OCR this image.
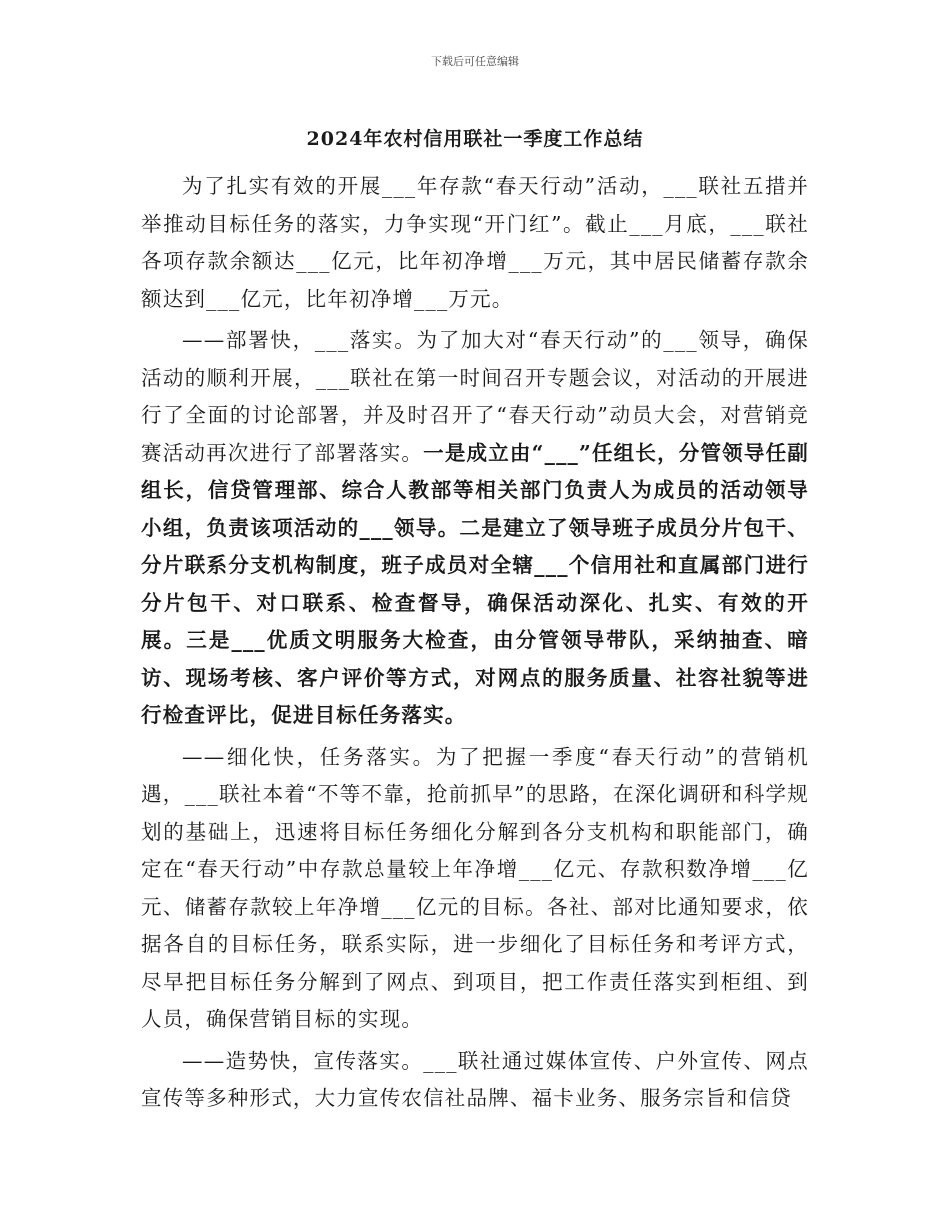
下载后可任意编辑
2024年农村信用联社一季度工作总结

为了扎实有效的开展___年存款“春天行动”活动，___联社五措并举推动目标任务的落实，力争实现“开门红”。截止___月底，___联社各项存款余额达___亿元，比年初净增___万元，其中居民储蓄存款余额达到___亿元，比年初净增___万元。

——部署快，___落实。为了加大对“春天行动”的___领导，确保活动的顺利开展，___联社在第一时间召开专题会议，对活动的开展进行了全面的讨论部署，并及时召开了“春天行动”动员大会，对营销竞赛活动再次进行了部署落实。一是成立由“___”任组长，分管领导任副组长，信贷管理部、综合人教部等相关部门负责人为成员的活动领导小组，负责该项活动的___领导。二是建立了领导班子成员分片包干、分片联系分支机构制度，班子成员对全辖___个信用社和直属部门进行分片包干、对口联系、检查督导，确保活动深化、扎实、有效的开展。三是___优质文明服务大检查，由分管领导带队，采纳抽查、暗访、现场考核、客户评价等方式，对网点的服务质量、社容社貌等进行检查评比，促进目标任务落实。

——细化快，任务落实。为了把握一季度“春天行动”的营销机遇，___联社本着“不等不靠，抢前抓早”的思路，在深化调研和科学规划的基础上，迅速将目标任务细化分解到各分支机构和职能部门，确定在“春天行动”中存款总量较上年净增___亿元、存款积数净增___亿元、储蓄存款较上年净增___亿元的目标。各社、部对比通知要求，依据各自的目标任务，联系实际，进一步细化了目标任务和考评方式，尽早把目标任务分解到了网点、到项目，把工作责任落实到柜组、到人员，确保营销目标的实现。

——造势快，宣传落实。___联社通过媒体宣传、户外宣传、网点宣传等多种形式，大力宣传农信社品牌、福卡业务、服务宗旨和信贷
